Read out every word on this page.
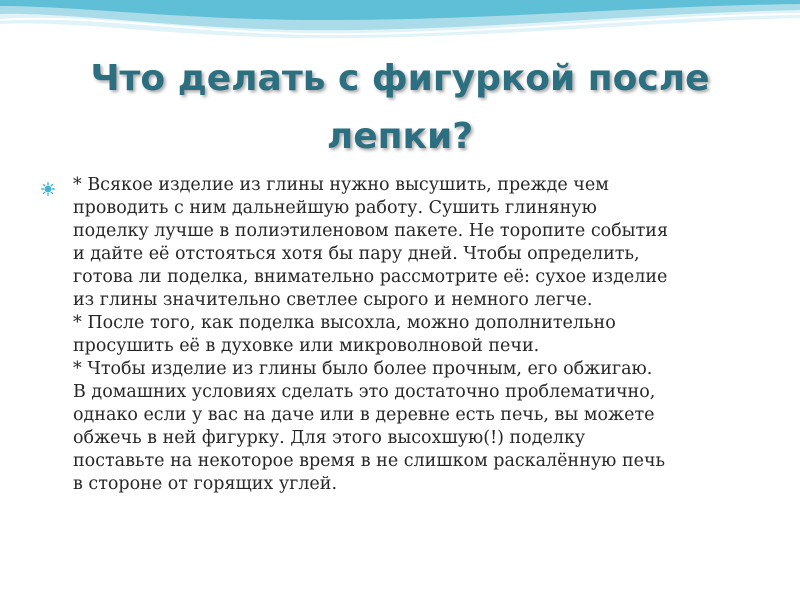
Что делать с фигуркой после
лепки?
* Всякое изделие из глины нужно высушить, прежде чем
проводить с ним дальнейшую работу. Сушить глиняную
поделку лучше в полиэтиленовом пакете. Не торопите события
и дайте её отстояться хотя бы пару дней. Чтобы определить,
готова ли поделка, внимательно рассмотрите её: сухое изделие
из глины значительно светлее сырого и немного легче.
* После того, как поделка высохла, можно дополнительно
просушить её в духовке или микроволновой печи.
* Чтобы изделие из глины было более прочным, его обжигаю.
В домашних условиях сделать это достаточно проблематично,
однако если у вас на даче или в деревне есть печь, вы можете
обжечь в ней фигурку. Для этого высохшую(!) поделку
поставьте на некоторое время в не слишком раскалённую печь
в стороне от горящих углей.
